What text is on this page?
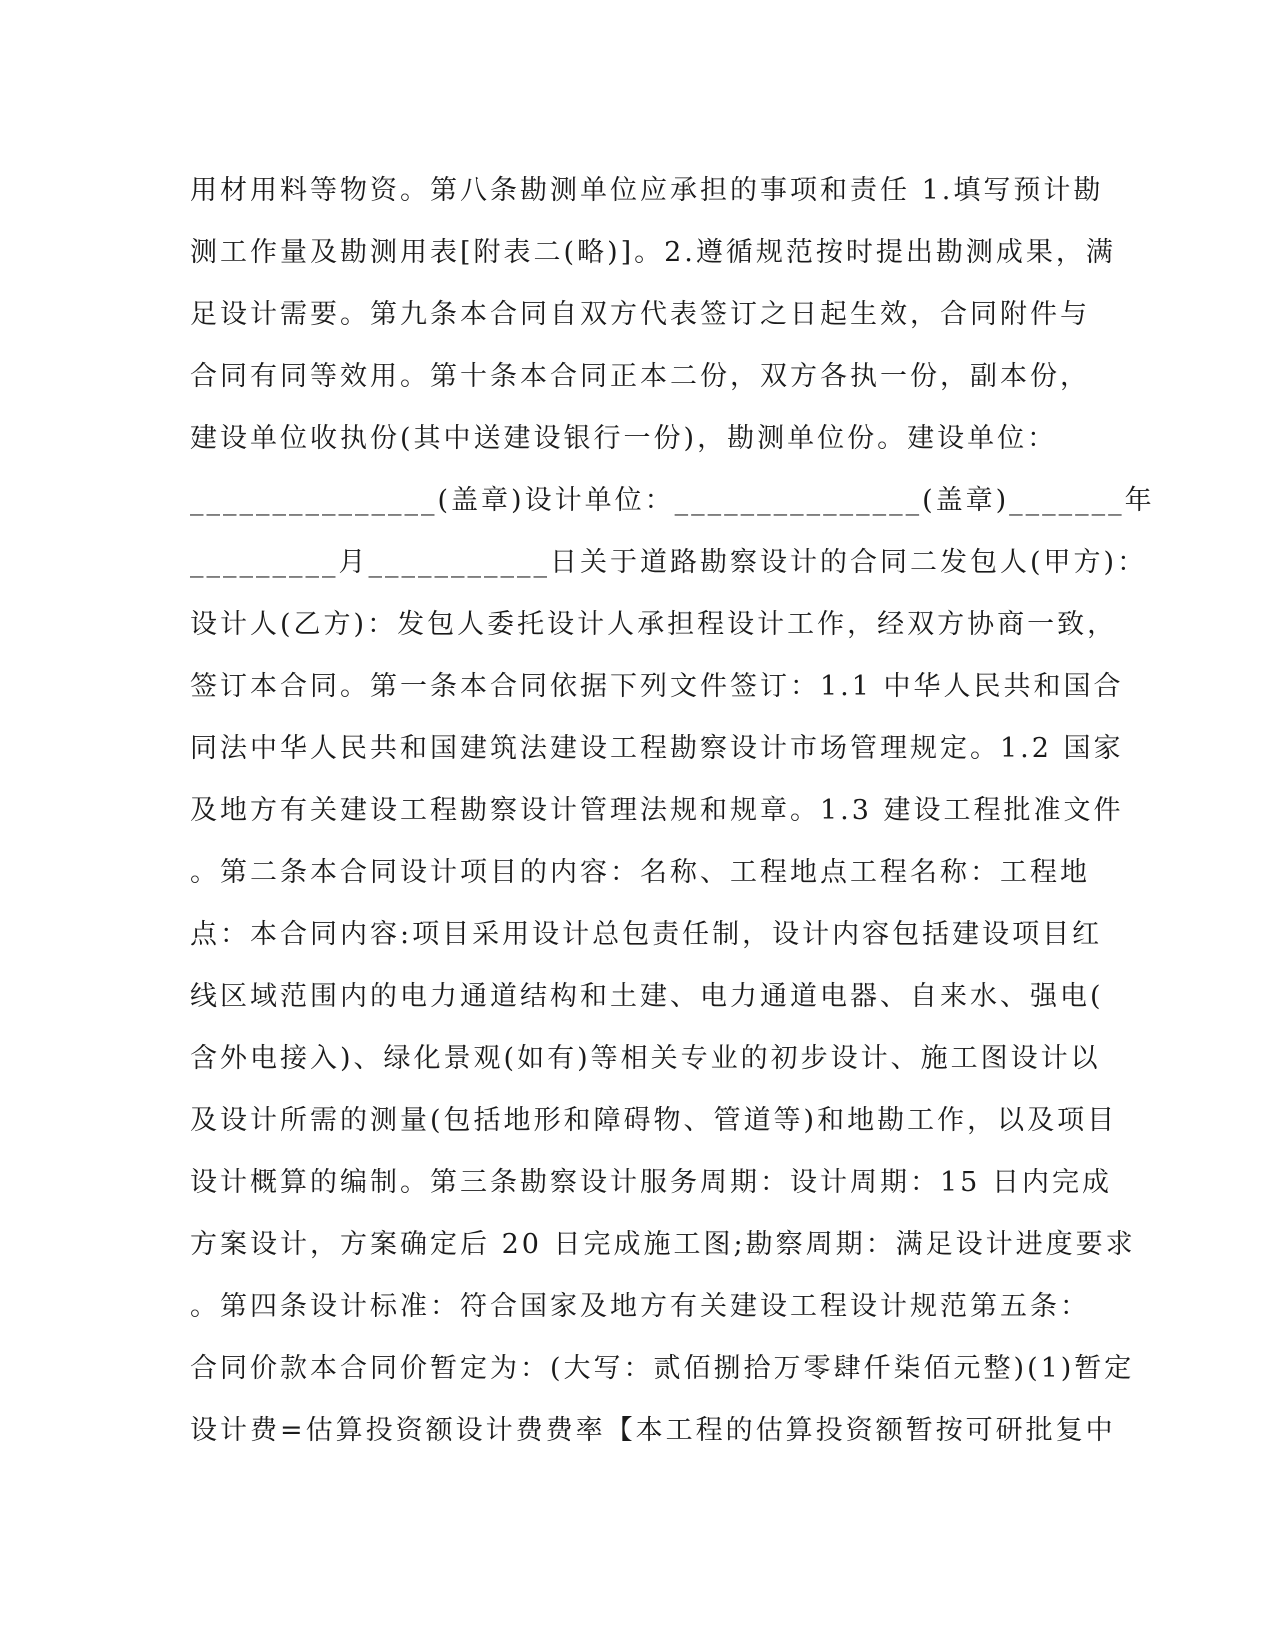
用材用料等物资。第八条勘测单位应承担的事项和责任 1.填写预计勘
测工作量及勘测用表[附表二(略)]。2.遵循规范按时提出勘测成果，满
足设计需要。第九条本合同自双方代表签订之日起生效，合同附件与
合同有同等效用。第十条本合同正本二份，双方各执一份，副本份，
建设单位收执份(其中送建设银行一份)，勘测单位份。建设单位：
_______________(盖章)设计单位：_______________(盖章)_______年
_________月___________日关于道路勘察设计的合同二发包人(甲方)：
设计人(乙方)：发包人委托设计人承担程设计工作，经双方协商一致，
签订本合同。第一条本合同依据下列文件签订：1.1 中华人民共和国合
同法中华人民共和国建筑法建设工程勘察设计市场管理规定。1.2 国家
及地方有关建设工程勘察设计管理法规和规章。1.3 建设工程批准文件
。第二条本合同设计项目的内容：名称、工程地点工程名称：工程地
点：本合同内容:项目采用设计总包责任制，设计内容包括建设项目红
线区域范围内的电力通道结构和土建、电力通道电器、自来水、强电(
含外电接入)、绿化景观(如有)等相关专业的初步设计、施工图设计以
及设计所需的测量(包括地形和障碍物、管道等)和地勘工作，以及项目
设计概算的编制。第三条勘察设计服务周期：设计周期：15 日内完成
方案设计，方案确定后 20 日完成施工图;勘察周期：满足设计进度要求
。第四条设计标准：符合国家及地方有关建设工程设计规范第五条：
合同价款本合同价暂定为：(大写：贰佰捌拾万零肆仟柒佰元整)(1)暂定
设计费=估算投资额设计费费率【本工程的估算投资额暂按可研批复中
